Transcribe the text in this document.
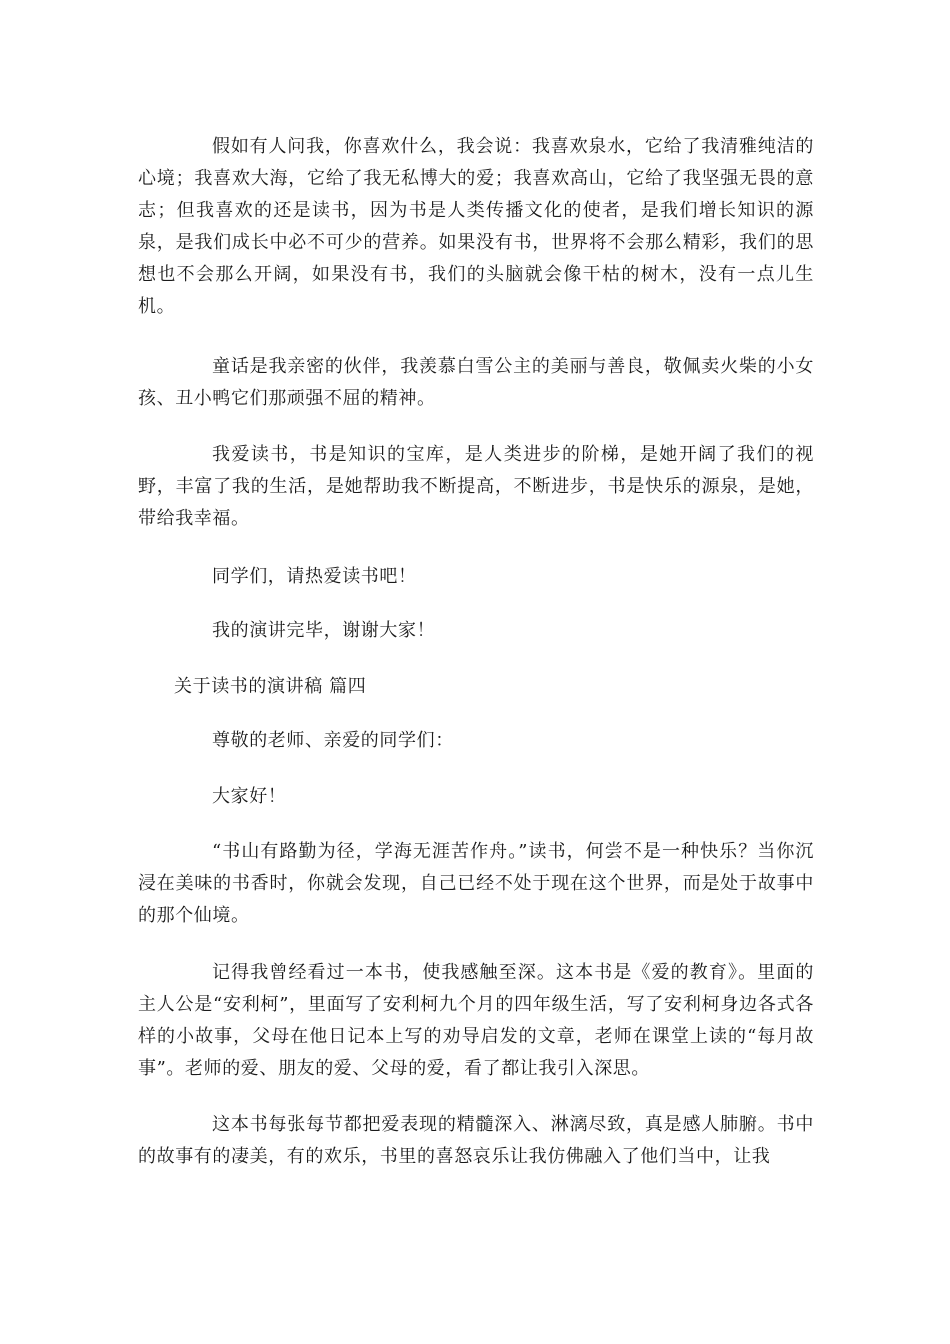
假如有人问我，你喜欢什么，我会说：我喜欢泉水，它给了我清雅纯洁的心境；我喜欢大海，它给了我无私博大的爱；我喜欢高山，它给了我坚强无畏的意志；但我喜欢的还是读书，因为书是人类传播文化的使者，是我们增长知识的源泉，是我们成长中必不可少的营养。如果没有书，世界将不会那么精彩，我们的思想也不会那么开阔，如果没有书，我们的头脑就会像干枯的树木，没有一点儿生机。

童话是我亲密的伙伴，我羡慕白雪公主的美丽与善良，敬佩卖火柴的小女孩、丑小鸭它们那顽强不屈的精神。

我爱读书，书是知识的宝库，是人类进步的阶梯，是她开阔了我们的视野，丰富了我的生活，是她帮助我不断提高，不断进步，书是快乐的源泉，是她，带给我幸福。

同学们，请热爱读书吧！

我的演讲完毕，谢谢大家！

关于读书的演讲稿 篇四

尊敬的老师、亲爱的同学们：

大家好！

“书山有路勤为径，学海无涯苦作舟。”读书，何尝不是一种快乐？当你沉浸在美味的书香时，你就会发现，自己已经不处于现在这个世界，而是处于故事中的那个仙境。

记得我曾经看过一本书，使我感触至深。这本书是《爱的教育》。里面的主人公是“安利柯”，里面写了安利柯九个月的四年级生活，写了安利柯身边各式各样的小故事，父母在他日记本上写的劝导启发的文章，老师在课堂上读的“每月故事”。老师的爱、朋友的爱、父母的爱，看了都让我引入深思。

这本书每张每节都把爱表现的精髓深入、淋漓尽致，真是感人肺腑。书中的故事有的凄美，有的欢乐，书里的喜怒哀乐让我仿佛融入了他们当中，让我
